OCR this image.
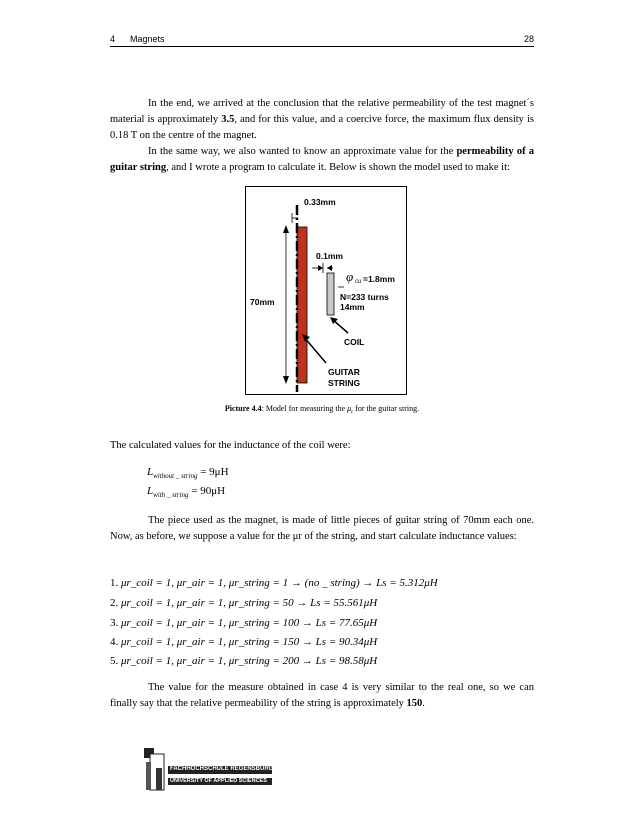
4 Magnets	28
In the end, we arrived at the conclusion that the relative permeability of the test magnet´s material is approximately 3.5, and for this value, and a coercive force, the maximum flux density is 0.18 T on the centre of the magnet.
In the same way, we also wanted to know an approximate value for the permeability of a guitar string, and I wrote a program to calculate it. Below is shown the model used to make it:
0.33mm
0.1mm
φ cu =1.8mm
N=233 turns
14mm
70mm
COIL
GUITAR
STRING
Picture 4.4: Model for measuring the $\mu_r$ for the guitar string.
The calculated values for the inductance of the coil were:
$L_{without \_ string} = 9\mu H$
$L_{with \_ string} = 90\mu H$
The piece used as the magnet, is made of little pieces of guitar string of 70mm each one. Now, as before, we suppose a value for the μr of the string, and start calculate inductance values:
1. μr_coil = 1, μr_air = 1, μr_string = 1 → (no _ string) → Ls = 5.312μH
2. μr_coil = 1, μr_air = 1, μr_string = 50 → Ls = 55.561μH
3. μr_coil = 1, μr_air = 1, μr_string = 100 → Ls = 77.65μH
4. μr_coil = 1, μr_air = 1, μr_string = 150 → Ls = 90.34μH
5. μr_coil = 1, μr_air = 1, μr_string = 200 → Ls = 98.58μH
The value for the measure obtained in case 4 is very similar to the real one, so we can finally say that the relative permeability of the string is approximately 150.
FACHHOCHSCHULE REGENSBURG
UNIVERSITY OF APPLIED SCIENCES
